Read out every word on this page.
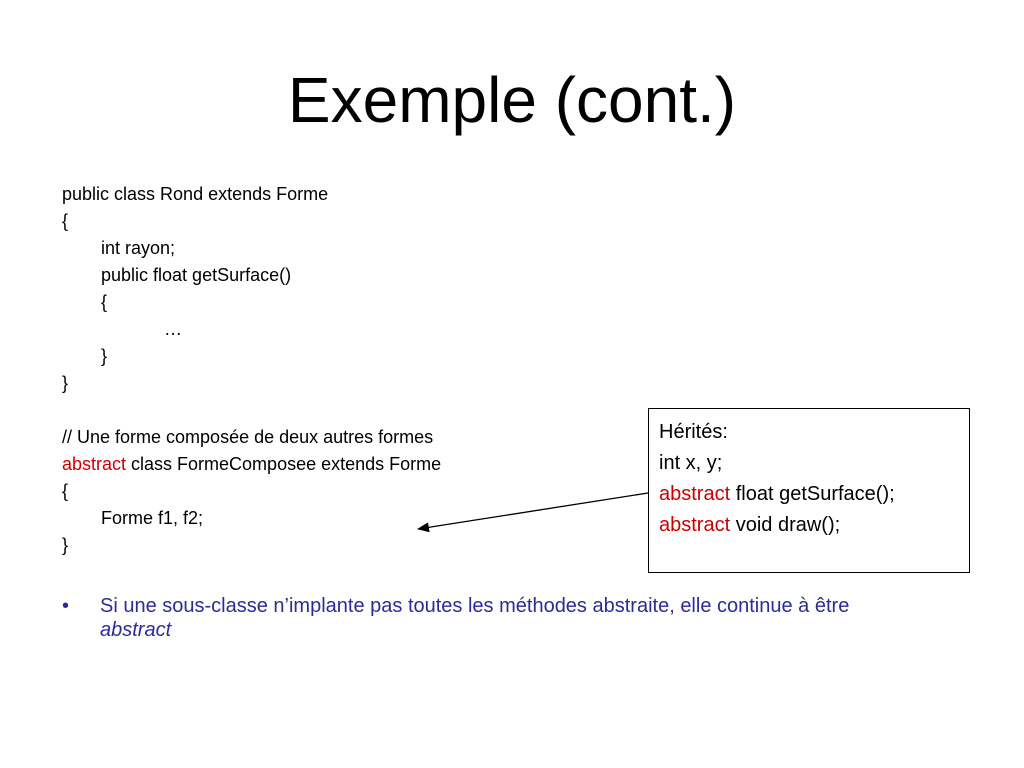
Exemple (cont.)
public class Rond extends Forme
{
int rayon;
public float getSurface()
{
…
}
}
// Une forme composée de deux autres formes
abstract class FormeComposee extends Forme
{
Forme f1, f2;
}
Hérités:
int x, y;
abstract float getSurface();
abstract void draw();
• Si une sous-classe n’implante pas toutes les méthodes abstraite, elle continue à être abstract
